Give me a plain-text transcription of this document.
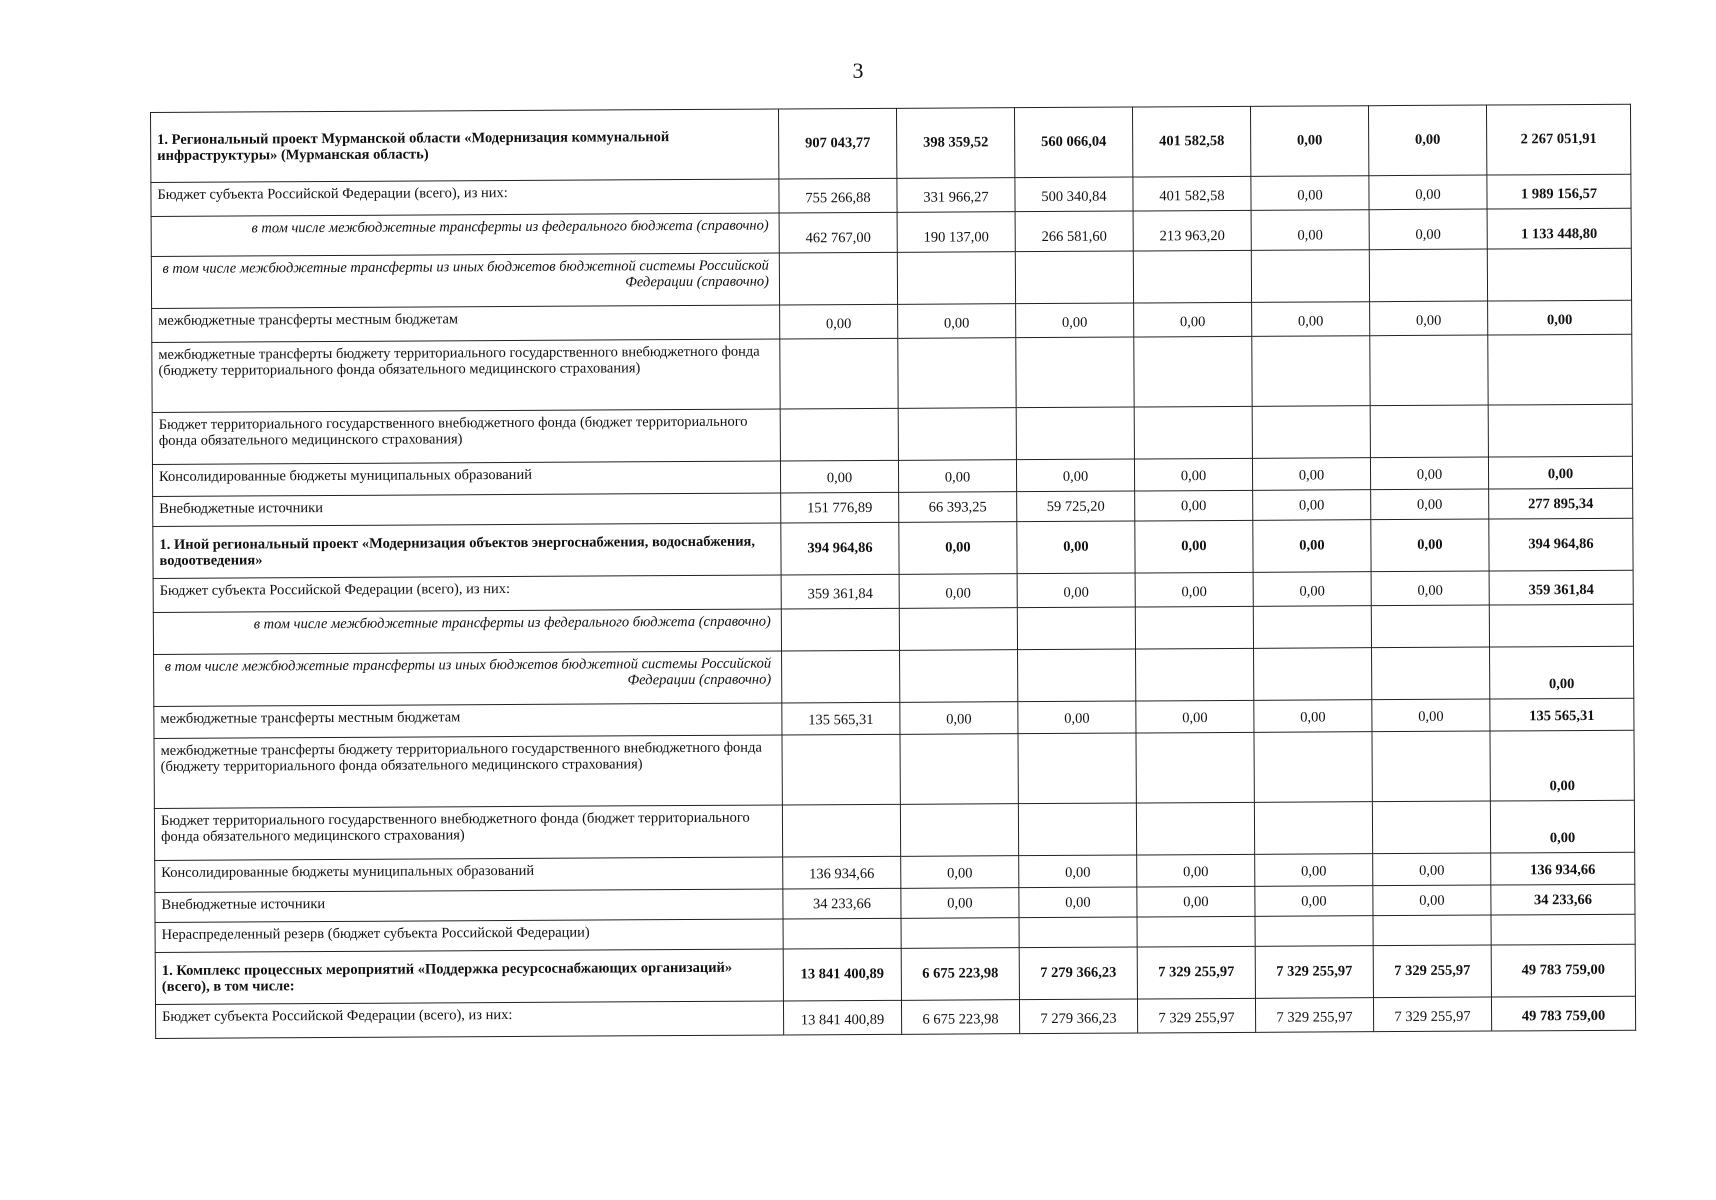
3
1. Региональный проект Мурманской области «Модернизация коммунальной инфраструктуры» (Мурманская область)	907 043,77	398 359,52	560 066,04	401 582,58	0,00	0,00	2 267 051,91
Бюджет субъекта Российской Федерации (всего), из них:	755 266,88	331 966,27	500 340,84	401 582,58	0,00	0,00	1 989 156,57
в том числе межбюджетные трансферты из федерального бюджета (справочно)	462 767,00	190 137,00	266 581,60	213 963,20	0,00	0,00	1 133 448,80
в том числе межбюджетные трансферты из иных бюджетов бюджетной системы Российской Федерации (справочно)							
межбюджетные трансферты местным бюджетам	0,00	0,00	0,00	0,00	0,00	0,00	0,00
межбюджетные трансферты бюджету территориального государственного внебюджетного фонда (бюджету территориального фонда обязательного медицинского страхования)							
Бюджет территориального государственного внебюджетного фонда (бюджет территориального фонда обязательного медицинского страхования)							
Консолидированные бюджеты муниципальных образований	0,00	0,00	0,00	0,00	0,00	0,00	0,00
Внебюджетные источники	151 776,89	66 393,25	59 725,20	0,00	0,00	0,00	277 895,34
1. Иной региональный проект «Модернизация объектов энергоснабжения, водоснабжения, водоотведения»	394 964,86	0,00	0,00	0,00	0,00	0,00	394 964,86
Бюджет субъекта Российской Федерации (всего), из них:	359 361,84	0,00	0,00	0,00	0,00	0,00	359 361,84
в том числе межбюджетные трансферты из федерального бюджета (справочно)							
в том числе межбюджетные трансферты из иных бюджетов бюджетной системы Российской Федерации (справочно)							0,00
межбюджетные трансферты местным бюджетам	135 565,31	0,00	0,00	0,00	0,00	0,00	135 565,31
межбюджетные трансферты бюджету территориального государственного внебюджетного фонда (бюджету территориального фонда обязательного медицинского страхования)							0,00
Бюджет территориального государственного внебюджетного фонда (бюджет территориального фонда обязательного медицинского страхования)							0,00
Консолидированные бюджеты муниципальных образований	136 934,66	0,00	0,00	0,00	0,00	0,00	136 934,66
Внебюджетные источники	34 233,66	0,00	0,00	0,00	0,00	0,00	34 233,66
Нераспределенный резерв (бюджет субъекта Российской Федерации)							
1. Комплекс процессных мероприятий «Поддержка ресурсоснабжающих организаций» (всего), в том числе:	13 841 400,89	6 675 223,98	7 279 366,23	7 329 255,97	7 329 255,97	7 329 255,97	49 783 759,00
Бюджет субъекта Российской Федерации (всего), из них:	13 841 400,89	6 675 223,98	7 279 366,23	7 329 255,97	7 329 255,97	7 329 255,97	49 783 759,00
